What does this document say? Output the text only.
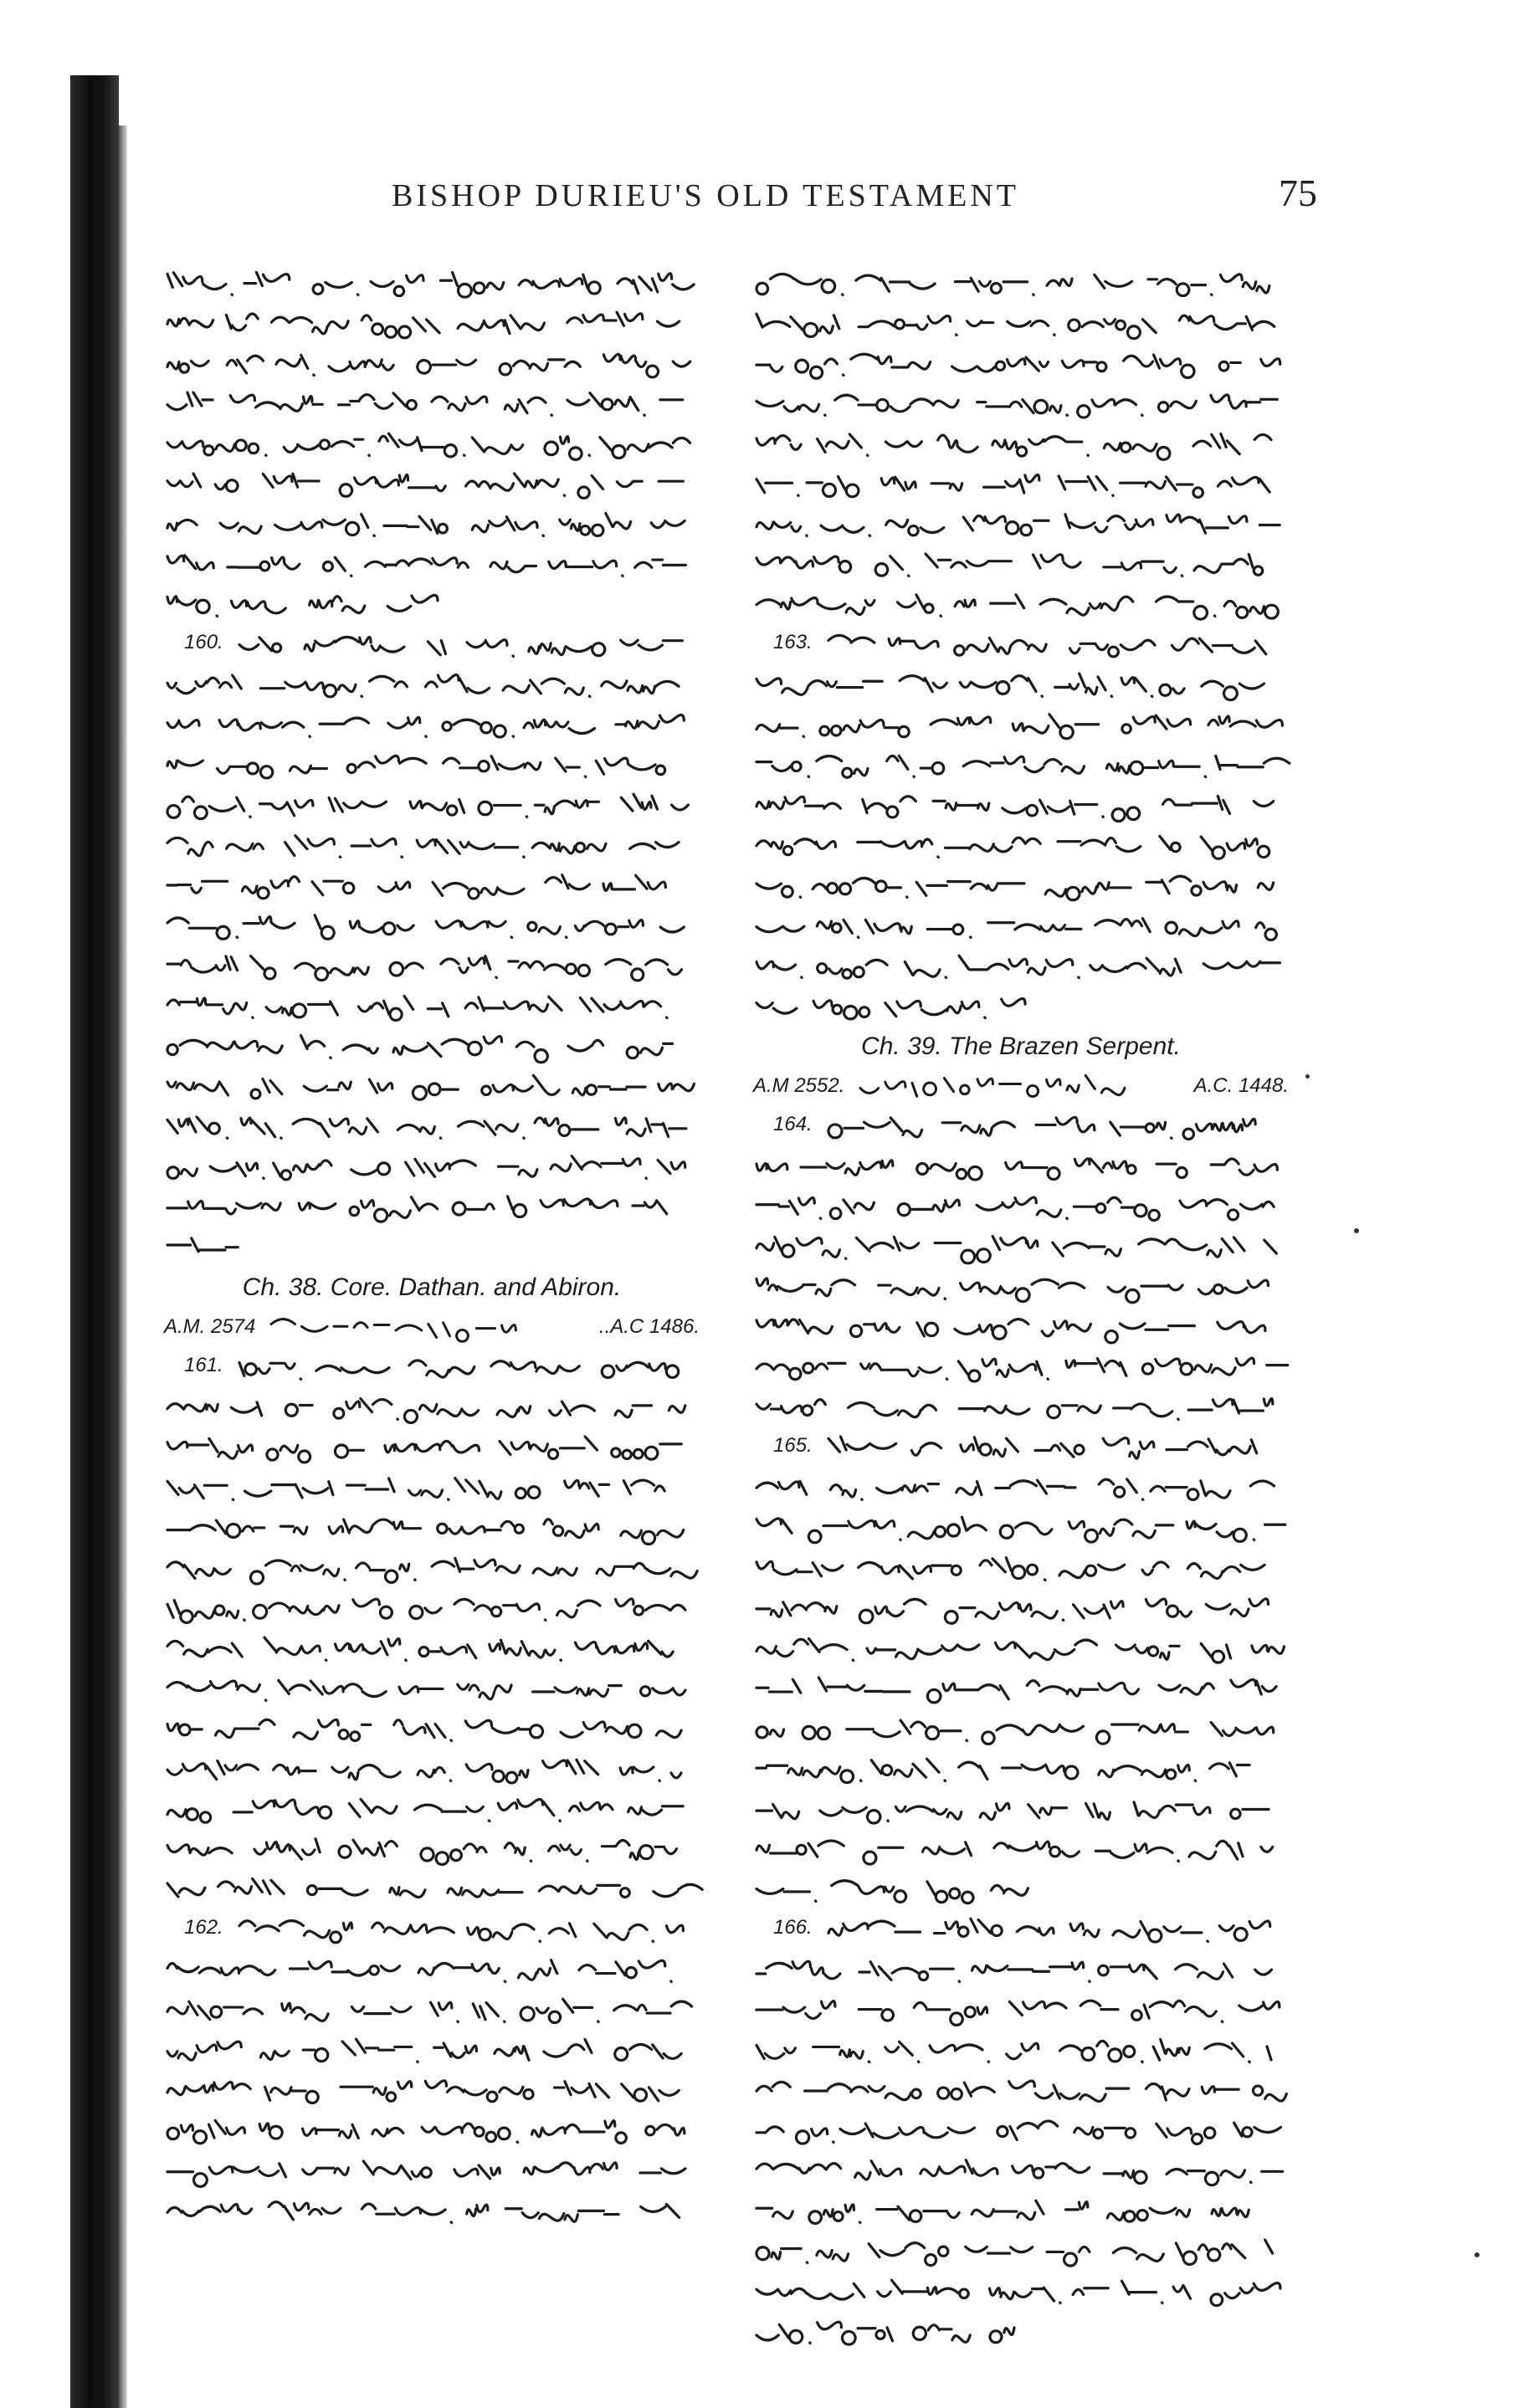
BISHOP DURIEU'S OLD TESTAMENT	75
160.
Ch. 38. Core. Dathan. and Abiron.
A.M. 2574	..A.C 1486.
161.
162.
163.
Ch. 39. The Brazen Serpent.
A.M 2552.	A.C. 1448.
164.
165.
166.
